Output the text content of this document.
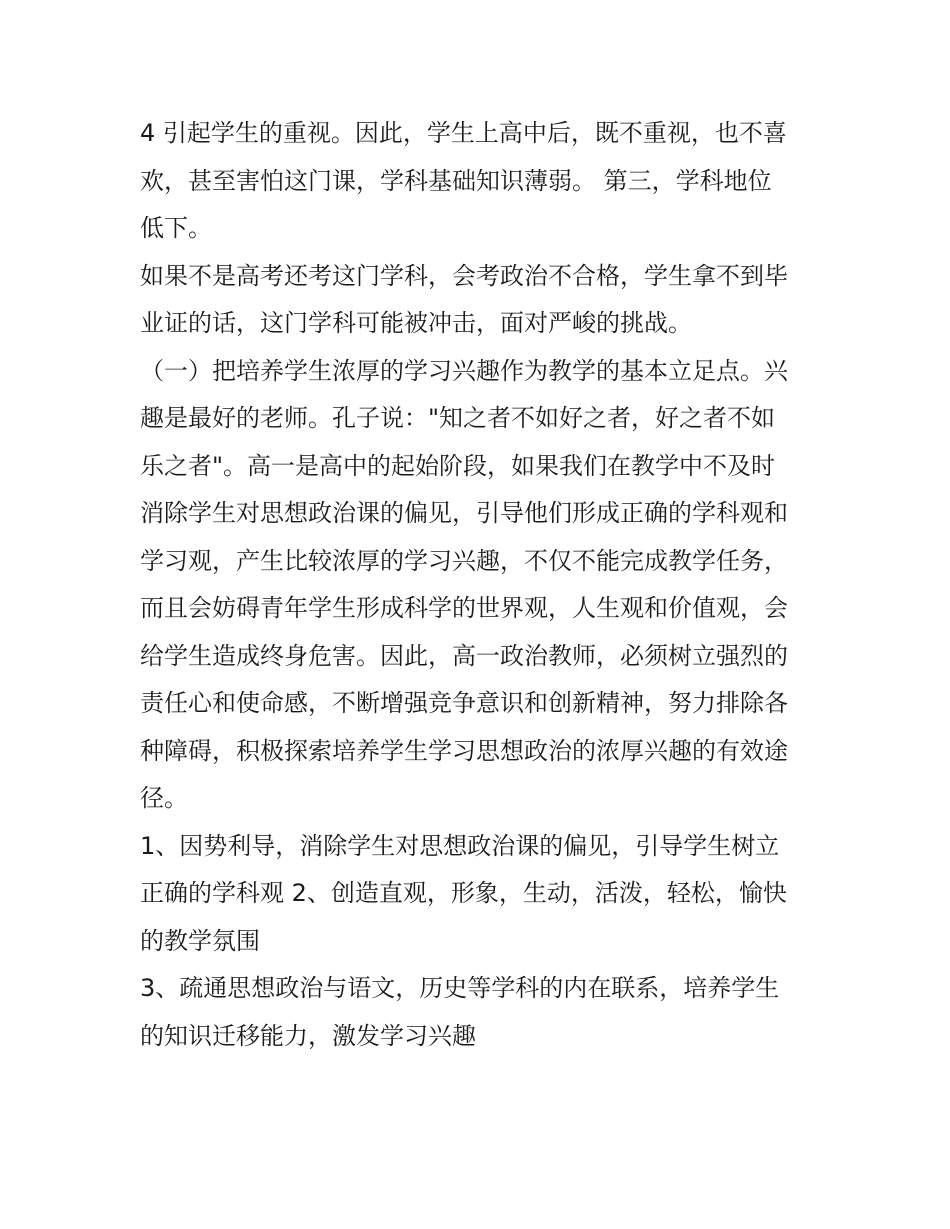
4 引起学生的重视。因此，学生上高中后，既不重视，也不喜
欢，甚至害怕这门课，学科基础知识薄弱。 第三，学科地位
低下。

如果不是高考还考这门学科，会考政治不合格，学生拿不到毕
业证的话，这门学科可能被冲击，面对严峻的挑战。

（一）把培养学生浓厚的学习兴趣作为教学的基本立足点。兴
趣是最好的老师。孔子说："知之者不如好之者，好之者不如
乐之者"。高一是高中的起始阶段，如果我们在教学中不及时
消除学生对思想政治课的偏见，引导他们形成正确的学科观和
学习观，产生比较浓厚的学习兴趣，不仅不能完成教学任务，
而且会妨碍青年学生形成科学的世界观，人生观和价值观，会
给学生造成终身危害。因此，高一政治教师，必须树立强烈的
责任心和使命感，不断增强竞争意识和创新精神，努力排除各
种障碍，积极探索培养学生学习思想政治的浓厚兴趣的有效途
径。

1、因势利导，消除学生对思想政治课的偏见，引导学生树立
正确的学科观 2、创造直观，形象，生动，活泼，轻松，愉快
的教学氛围

3、疏通思想政治与语文，历史等学科的内在联系，培养学生
的知识迁移能力，激发学习兴趣
